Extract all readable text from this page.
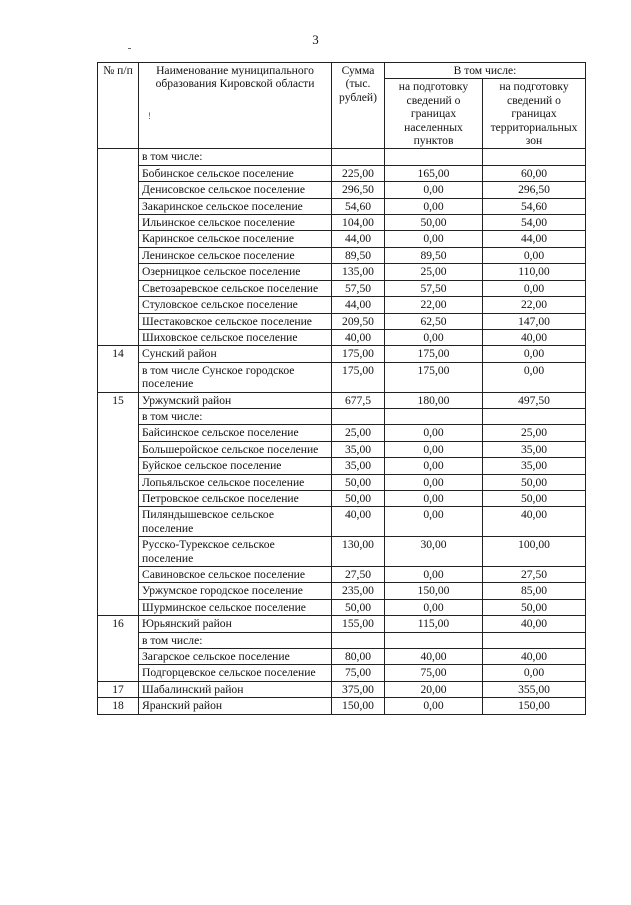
3
№ п/п	Наименование муниципального образования Кировской области	Сумма (тыс. рублей)	В том числе:	
			на подготовку сведений о границах населенных пунктов	на подготовку сведений о границах территориальных зон
	в том числе:			
	Бобинское сельское поселение	225,00	165,00	60,00
	Денисовское сельское поселение	296,50	0,00	296,50
	Закаринское сельское поселение	54,60	0,00	54,60
	Ильинское сельское поселение	104,00	50,00	54,00
	Каринское сельское поселение	44,00	0,00	44,00
	Ленинское сельское поселение	89,50	89,50	0,00
	Озерницкое сельское поселение	135,00	25,00	110,00
	Светозаревское сельское поселение	57,50	57,50	0,00
	Стуловское сельское поселение	44,00	22,00	22,00
	Шестаковское сельское поселение	209,50	62,50	147,00
	Шиховское сельское поселение	40,00	0,00	40,00
14	Сунский район	175,00	175,00	0,00
	в том числе Сунское городское поселение	175,00	175,00	0,00
15	Уржумский район	677,5	180,00	497,50
	в том числе:			
	Байсинское сельское поселение	25,00	0,00	25,00
	Большеройское сельское поселение	35,00	0,00	35,00
	Буйское сельское поселение	35,00	0,00	35,00
	Лопьяльское сельское поселение	50,00	0,00	50,00
	Петровское сельское поселение	50,00	0,00	50,00
	Пиляндышевское сельское поселение	40,00	0,00	40,00
	Русско-Турекское сельское поселение	130,00	30,00	100,00
	Савиновское сельское поселение	27,50	0,00	27,50
	Уржумское городское поселение	235,00	150,00	85,00
	Шурминское сельское поселение	50,00	0,00	50,00
16	Юрьянский район	155,00	115,00	40,00
	в том числе:			
	Загарское сельское поселение	80,00	40,00	40,00
	Подгорцевское сельское поселение	75,00	75,00	0,00
17	Шабалинский район	375,00	20,00	355,00
18	Яранский район	150,00	0,00	150,00
!
